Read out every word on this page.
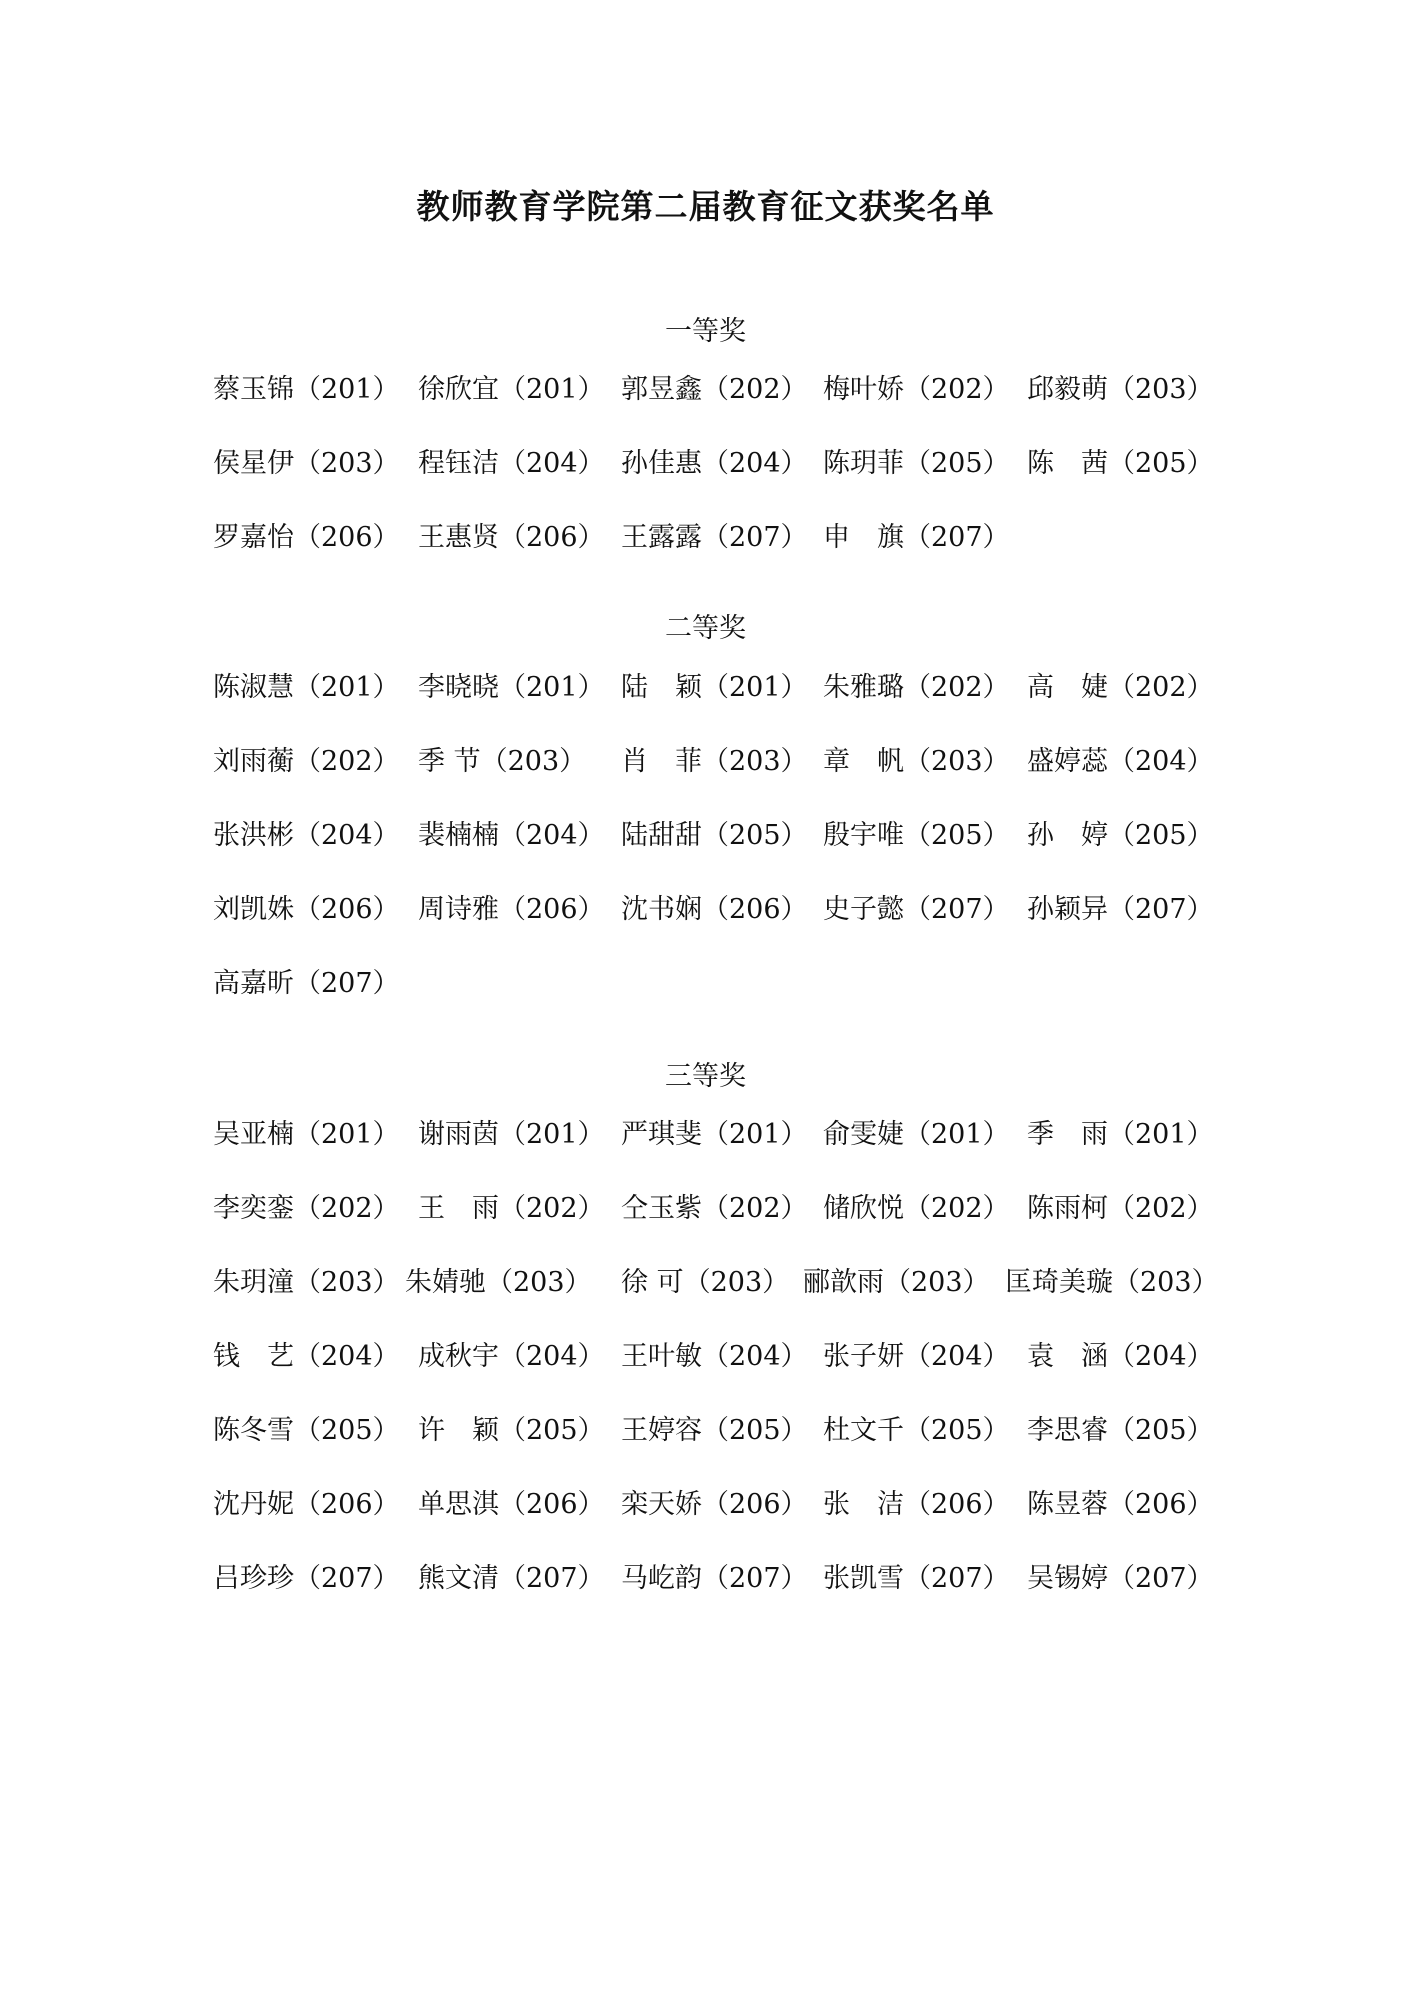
教师教育学院第二届教育征文获奖名单
一等奖
蔡玉锦（201） 徐欣宜（201） 郭昱鑫（202） 梅叶娇（202） 邱毅萌（203）
侯星伊（203） 程钰洁（204） 孙佳惠（204） 陈玥菲（205） 陈　茜（205）
罗嘉怡（206） 王惠贤（206） 王露露（207） 申　旗（207）
二等奖
陈淑慧（201） 李晓晓（201） 陆　颖（201） 朱雅璐（202） 高　婕（202）
刘雨蘅（202） 季 节（203） 肖　菲（203） 章　帆（203） 盛婷蕊（204）
张洪彬（204） 裴楠楠（204） 陆甜甜（205） 殷宇唯（205） 孙　婷（205）
刘凯姝（206） 周诗雅（206） 沈书娴（206） 史子懿（207） 孙颖异（207）
高嘉昕（207）
三等奖
吴亚楠（201） 谢雨茵（201） 严琪斐（201） 俞雯婕（201） 季　雨（201）
李奕銮（202） 王　雨（202） 仝玉紫（202） 储欣悦（202） 陈雨柯（202）
朱玥潼（203） 朱婧驰（203） 徐 可（203） 郦歆雨（203） 匡琦美璇（203）
钱　艺（204） 成秋宇（204） 王叶敏（204） 张子妍（204） 袁　涵（204）
陈冬雪（205） 许　颖（205） 王婷容（205） 杜文千（205） 李思睿（205）
沈丹妮（206） 单思淇（206） 栾天娇（206） 张　洁（206） 陈昱蓉（206）
吕珍珍（207） 熊文清（207） 马屹韵（207） 张凯雪（207） 吴锡婷（207）
